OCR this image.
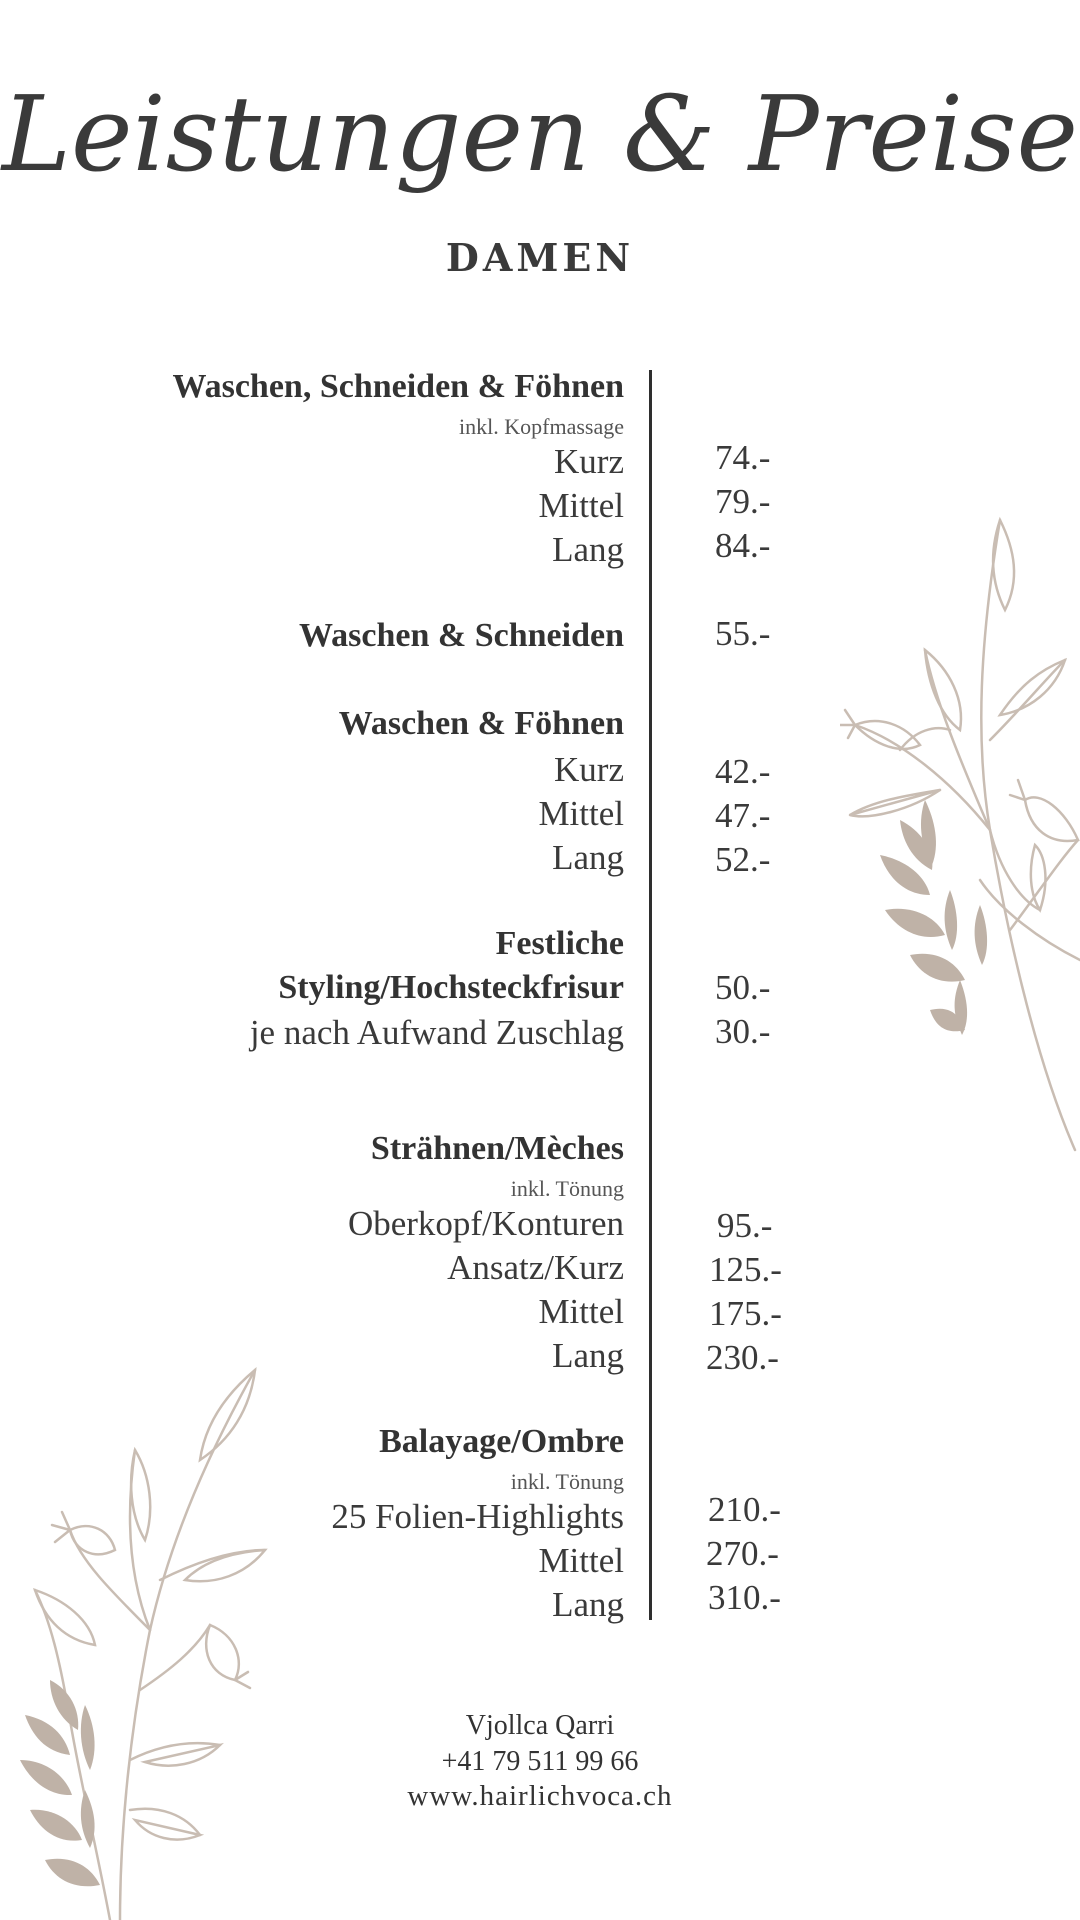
Leistungen & Preise
DAMEN
Waschen, Schneiden & Föhnen
inkl. Kopfmassage
Kurz
Mittel
Lang
Waschen & Schneiden
Waschen & Föhnen
Kurz
Mittel
Lang
Festliche
Styling/Hochsteckfrisur
je nach Aufwand Zuschlag
Strähnen/Mèches
inkl. Tönung
Oberkopf/Konturen
Ansatz/Kurz
Mittel
Lang
Balayage/Ombre
inkl. Tönung
25 Folien-Highlights
Mittel
Lang
74.-
79.-
84.-
55.-
42.-
47.-
52.-
50.-
30.-
95.-
125.-
175.-
230.-
210.-
270.-
310.-
Vjollca Qarri
+41 79 511 99 66
www.hairlichvoca.ch
